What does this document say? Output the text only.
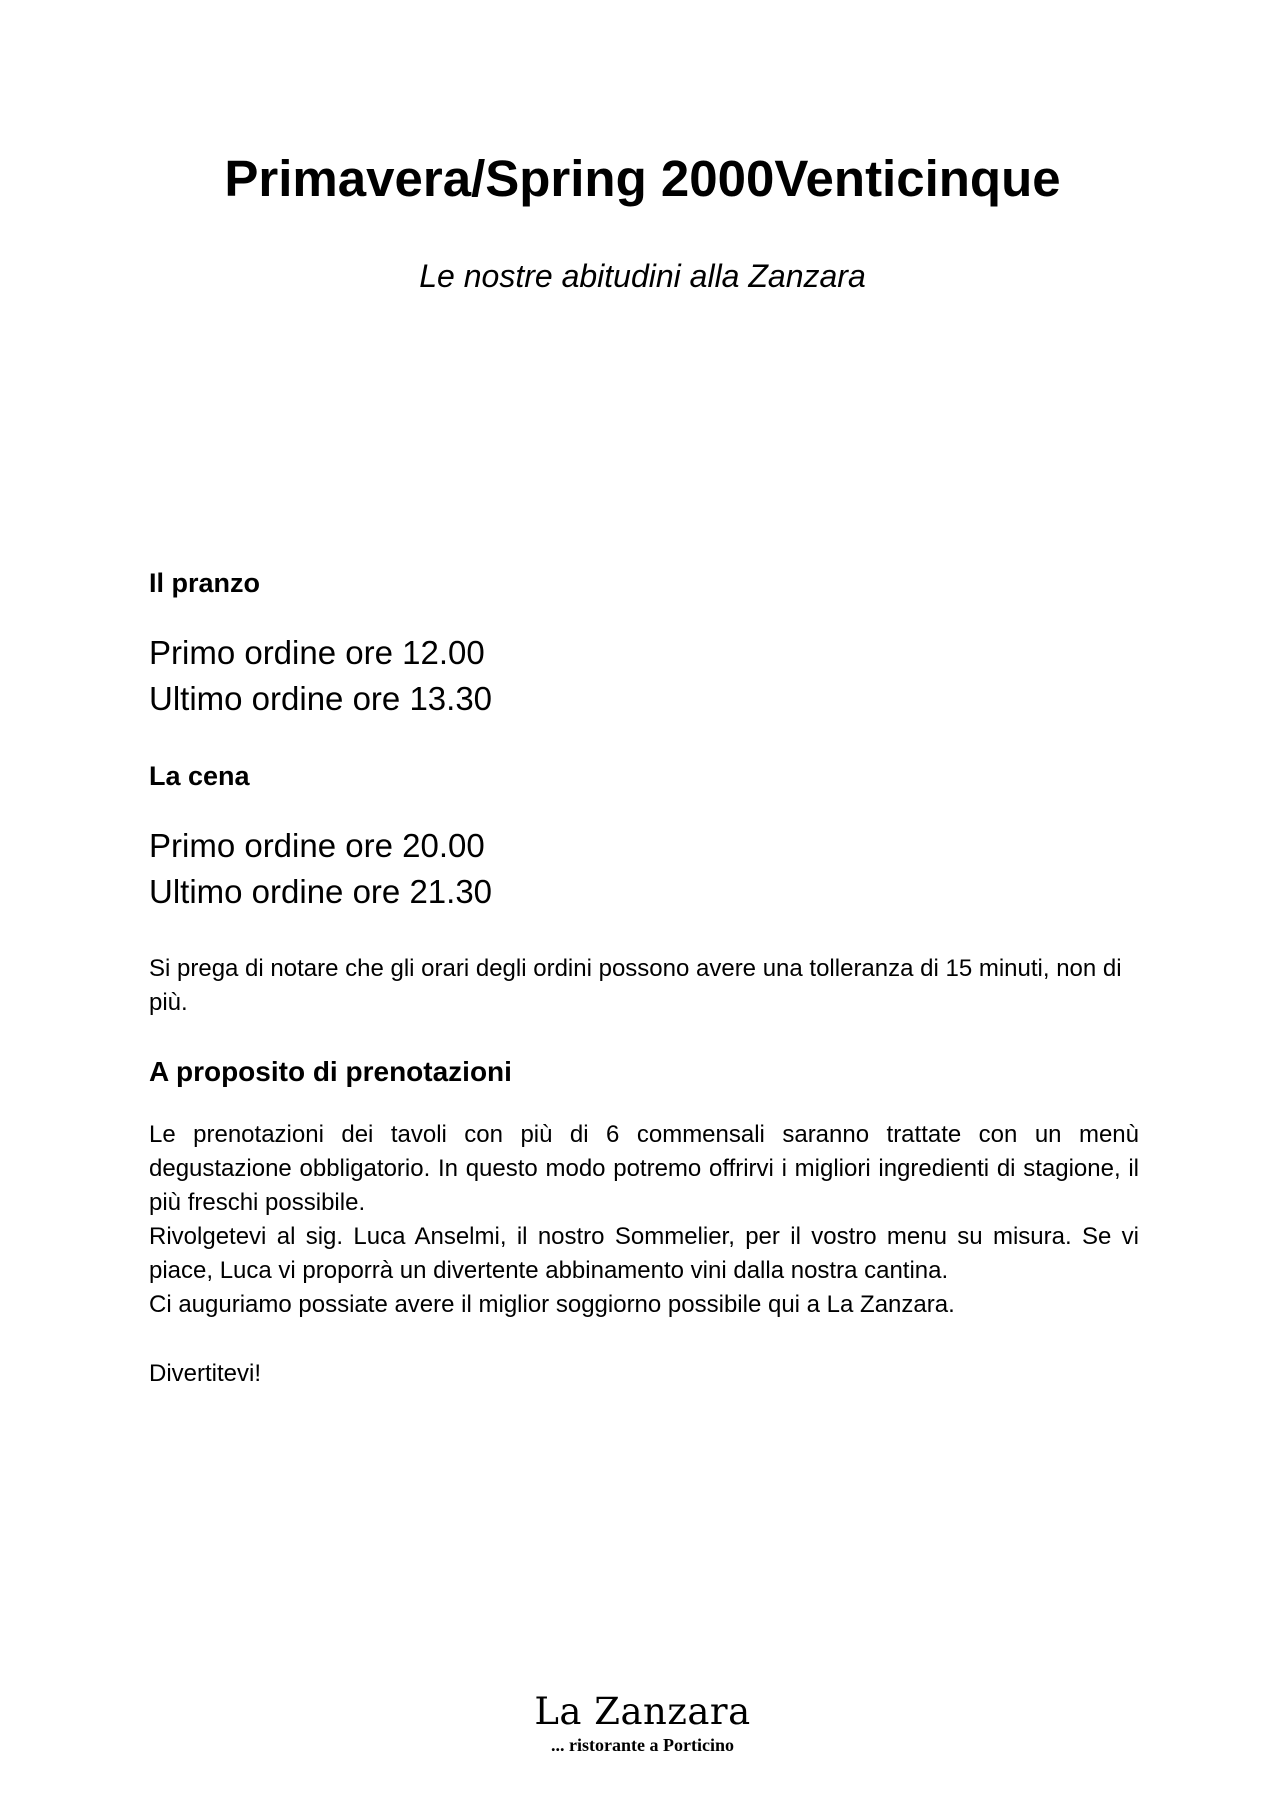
Primavera/Spring 2000Venticinque

Le nostre abitudini alla Zanzara

Il pranzo

Primo ordine ore 12.00
Ultimo ordine ore 13.30

La cena

Primo ordine ore 20.00
Ultimo ordine ore 21.30

Si prega di notare che gli orari degli ordini possono avere una tolleranza di 15 minuti, non di più.

A proposito di prenotazioni
Le prenotazioni dei tavoli con più di 6 commensali saranno trattate con un menù degustazione obbligatorio. In questo modo potremo offrirvi i migliori ingredienti di stagione, il più freschi possibile.
Rivolgetevi al sig. Luca Anselmi, il nostro Sommelier, per il vostro menu su misura. Se vi piace, Luca vi proporrà un divertente abbinamento vini dalla nostra cantina.
Ci auguriamo possiate avere il miglior soggiorno possibile qui a La Zanzara.

Divertitevi!

La Zanzara
... ristorante a Porticino
